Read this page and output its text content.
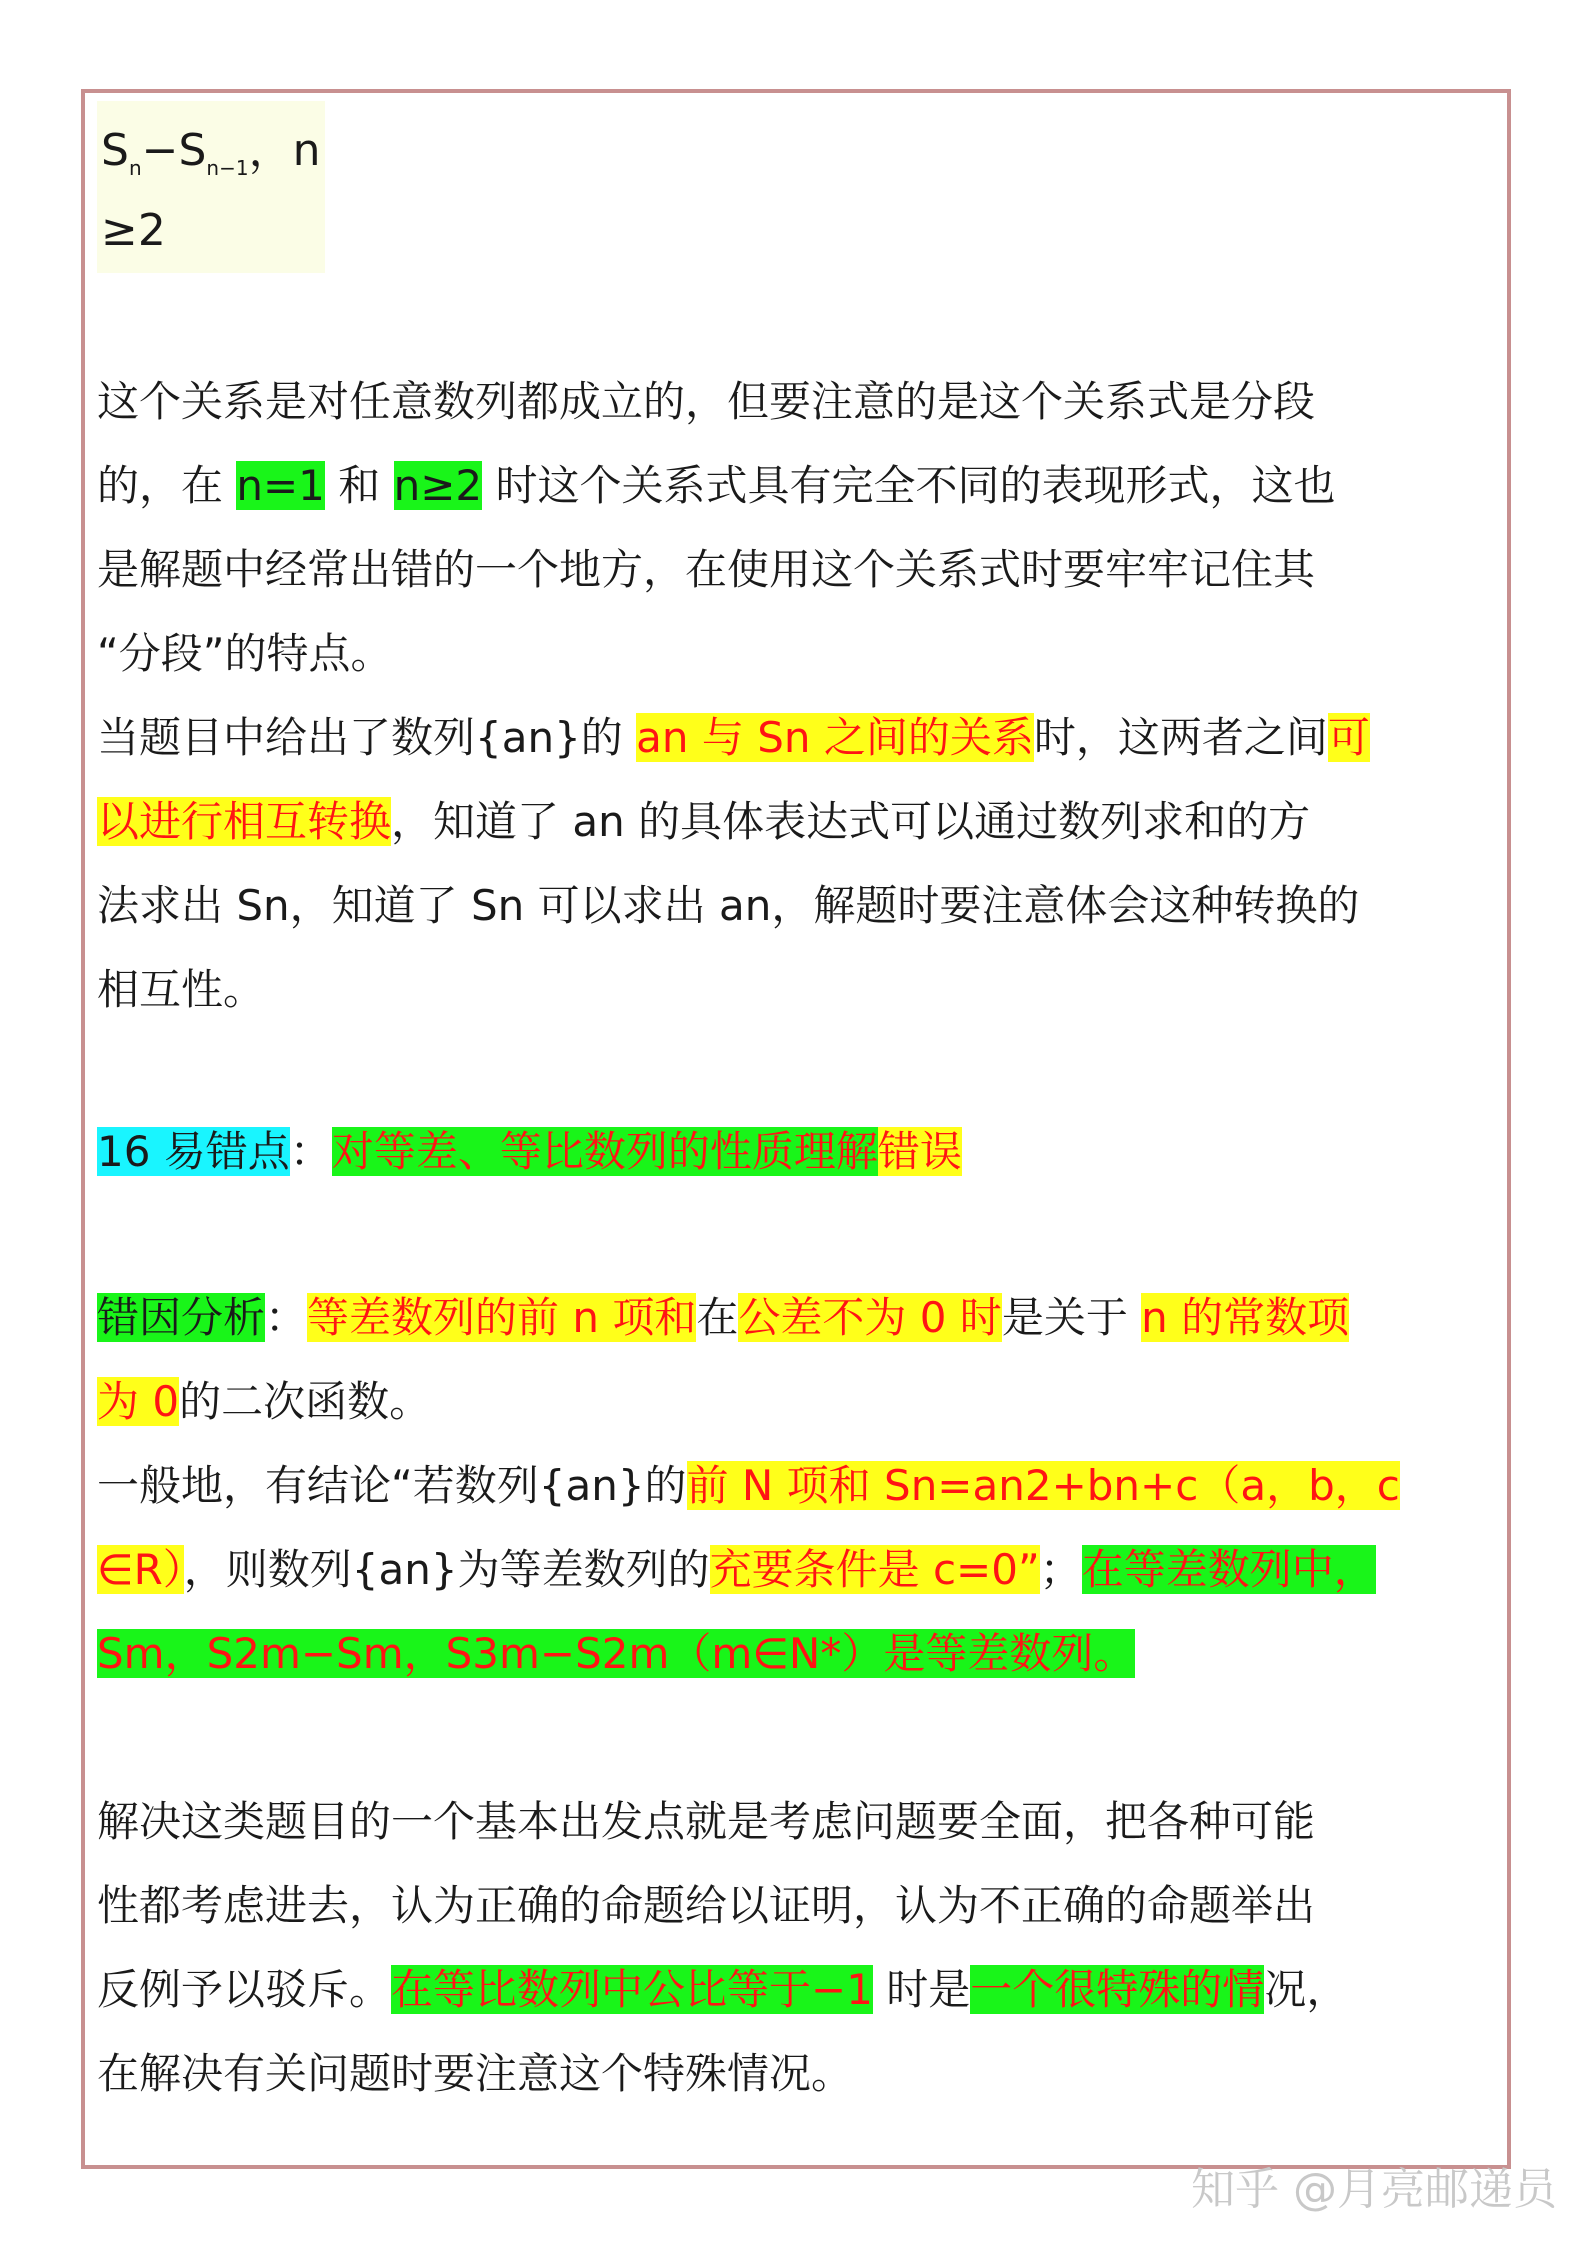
$S_n-S_{n-1}$，n
≥2
这个关系是对任意数列都成立的，但要注意的是这个关系式是分段
的，在 n=1 和 n≥2 时这个关系式具有完全不同的表现形式，这也
是解题中经常出错的一个地方，在使用这个关系式时要牢牢记住其
“分段”的特点。
当题目中给出了数列{an}的 an 与 Sn 之间的关系时，这两者之间可
以进行相互转换，知道了 an 的具体表达式可以通过数列求和的方
法求出 Sn，知道了 Sn 可以求出 an，解题时要注意体会这种转换的
相互性。
16 易错点：对等差、等比数列的性质理解错误
错因分析：等差数列的前 n 项和在公差不为 0 时是关于 n 的常数项
为 0的二次函数。
一般地，有结论“若数列{an}的前 N 项和 Sn=an2+bn+c（a，b，c
∈R），则数列{an}为等差数列的充要条件是 c=0”；在等差数列中，
Sm，S2m−Sm，S3m−S2m（m∈N*）是等差数列。
解决这类题目的一个基本出发点就是考虑问题要全面，把各种可能
性都考虑进去，认为正确的命题给以证明，认为不正确的命题举出
反例予以驳斥。在等比数列中公比等于−1 时是一个很特殊的情况，
在解决有关问题时要注意这个特殊情况。
知乎 @月亮邮递员
